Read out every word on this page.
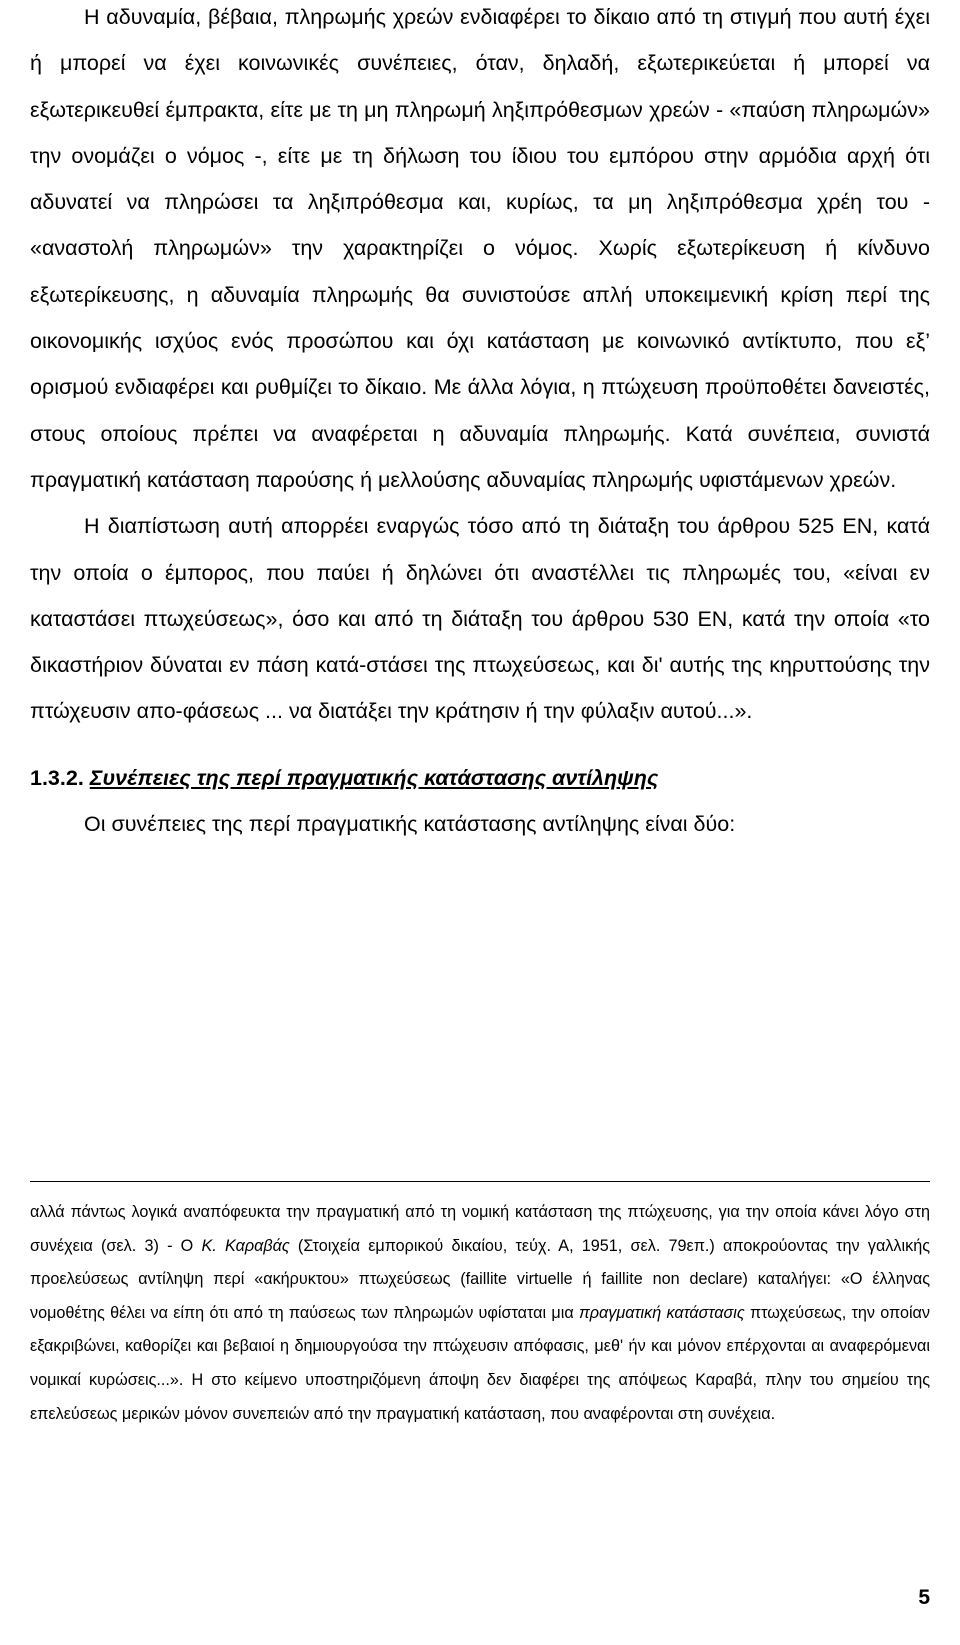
Η αδυναμία, βέβαια, πληρωμής χρεών ενδιαφέρει το δίκαιο από τη στιγμή που αυτή έχει ή μπορεί να έχει κοινωνικές συνέπειες, όταν, δηλαδή, εξωτερικεύεται ή μπορεί να εξωτερικευθεί έμπρακτα, είτε με τη μη πληρωμή ληξιπρόθεσμων χρεών - «παύση πληρωμών» την ονομάζει ο νόμος -, είτε με τη δήλωση του ίδιου του εμπόρου στην αρμόδια αρχή ότι αδυνατεί να πληρώσει τα ληξιπρόθεσμα και, κυρίως, τα μη ληξιπρόθεσμα χρέη του - «αναστολή πληρωμών» την χαρακτηρίζει ο νόμος. Χωρίς εξωτερίκευση ή κίνδυνο εξωτερίκευσης, η αδυναμία πληρωμής θα συνιστούσε απλή υποκειμενική κρίση περί της οικονομικής ισχύος ενός προσώπου και όχι κατάσταση με κοινωνικό αντίκτυπο, που εξ’ ορισμού ενδιαφέρει και ρυθμίζει το δίκαιο. Με άλλα λόγια, η πτώχευση προϋποθέτει δανειστές, στους οποίους πρέπει να αναφέρεται η αδυναμία πληρωμής. Κατά συνέπεια, συνιστά πραγματική κατάσταση παρούσης ή μελλούσης αδυναμίας πληρωμής υφιστάμενων χρεών.

Η διαπίστωση αυτή απορρέει εναργώς τόσο από τη διάταξη του άρθρου 525 ΕΝ, κατά την οποία ο έμπορος, που παύει ή δηλώνει ότι αναστέλλει τις πληρωμές του, «είναι εν καταστάσει πτωχεύσεως», όσο και από τη διάταξη του άρθρου 530 ΕΝ, κατά την οποία «το δικαστήριον δύναται εν πάση κατά-στάσει της πτωχεύσεως, και δι' αυτής της κηρυττούσης την πτώχευσιν απο-φάσεως ... να διατάξει την κράτησιν ή την φύλαξιν αυτού...».

1.3.2. Συνέπειες της περί πραγματικής κατάστασης αντίληψης

Οι συνέπειες της περί πραγματικής κατάστασης αντίληψης είναι δύο:

αλλά πάντως λογικά αναπόφευκτα την πραγματική από τη νομική κατάσταση της πτώχευσης, για την οποία κάνει λόγο στη συνέχεια (σελ. 3) - Ο Κ. Καραβάς (Στοιχεία εμπορικού δικαίου, τεύχ. Α, 1951, σελ. 79επ.) αποκρούοντας την γαλλικής προελεύσεως αντίληψη περί «ακήρυκτου» πτωχεύσεως (faillite virtuelle ή faillite non declare) καταλήγει: «Ο έλληνας νομοθέτης θέλει να είπη ότι από τη παύσεως των πληρωμών υφίσταται μια πραγματική κατάστασις πτωχεύσεως, την οποίαν εξακριβώνει, καθορίζει και βεβαιοί η δημιουργούσα την πτώχευσιν απόφασις, μεθ' ήν και μόνον επέρχονται αι αναφερόμεναι νομικαί κυρώσεις...». Η στο κείμενο υποστηριζόμενη άποψη δεν διαφέρει της απόψεως Καραβά, πλην του σημείου της επελεύσεως μερικών μόνον συνεπειών από την πραγματική κατάσταση, που αναφέρονται στη συνέχεια.

5
